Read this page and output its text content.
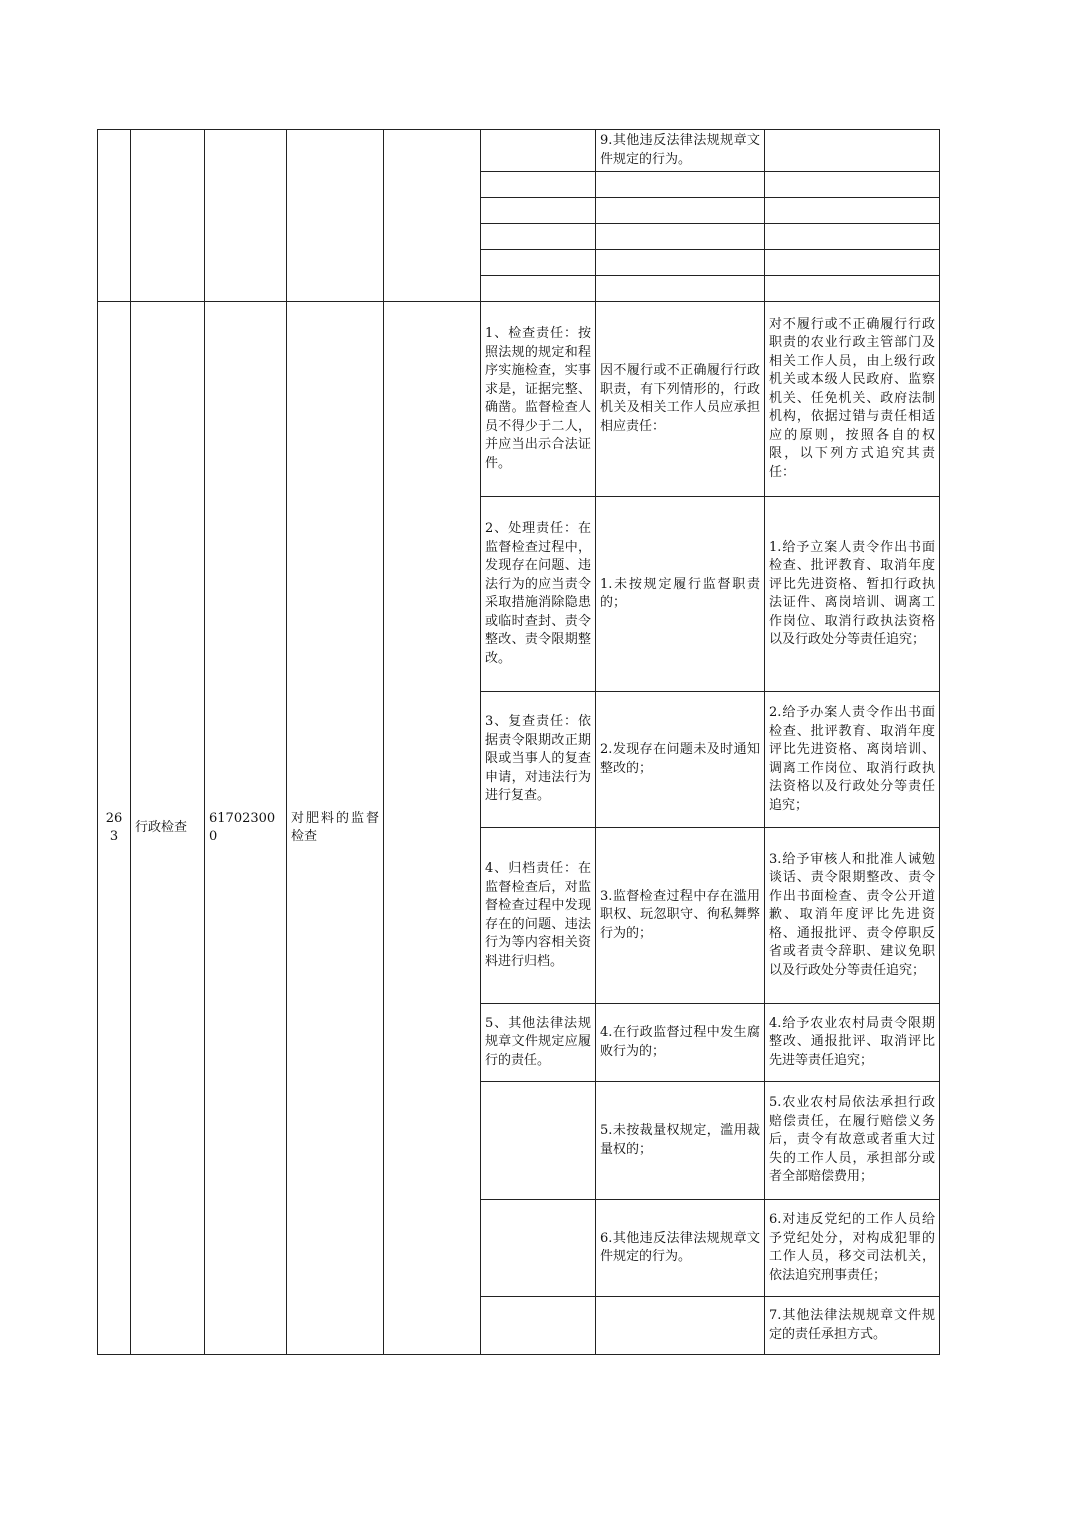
						9.其他违反法律法规规章文件规定的行为。	

263	行政检查	617023000	对肥料的监督检查		1、检查责任：按照法规的规定和程序实施检查，实事求是，证据完整、确凿。监督检查人员不得少于二人，并应当出示合法证件。	因不履行或不正确履行行政职责，有下列情形的，行政机关及相关工作人员应承担相应责任：	对不履行或不正确履行行政职责的农业行政主管部门及相关工作人员，由上级行政机关或本级人民政府、监察机关、任免机关、政府法制机构，依据过错与责任相适应的原则，按照各自的权限，以下列方式追究其责任：
					2、处理责任：在监督检查过程中，发现存在问题、违法行为的应当责令采取措施消除隐患或临时查封、责令整改、责令限期整改。	1.未按规定履行监督职责的；	1.给予立案人责令作出书面检查、批评教育、取消年度评比先进资格、暂扣行政执法证件、离岗培训、调离工作岗位、取消行政执法资格以及行政处分等责任追究；
					3、复查责任：依据责令限期改正期限或当事人的复查申请，对违法行为进行复查。	2.发现存在问题未及时通知整改的；	2.给予办案人责令作出书面检查、批评教育、取消年度评比先进资格、离岗培训、调离工作岗位、取消行政执法资格以及行政处分等责任追究；
					4、归档责任：在监督检查后，对监督检查过程中发现存在的问题、违法行为等内容相关资料进行归档。	3.监督检查过程中存在滥用职权、玩忽职守、徇私舞弊行为的；	3.给予审核人和批准人诫勉谈话、责令限期整改、责令作出书面检查、责令公开道歉、取消年度评比先进资格、通报批评、责令停职反省或者责令辞职、建议免职以及行政处分等责任追究；
					5、其他法律法规规章文件规定应履行的责任。	4.在行政监督过程中发生腐败行为的；	4.给予农业农村局责令限期整改、通报批评、取消评比先进等责任追究；
						5.未按裁量权规定，滥用裁量权的；	5.农业农村局依法承担行政赔偿责任，在履行赔偿义务后，责令有故意或者重大过失的工作人员，承担部分或者全部赔偿费用；
						6.其他违反法律法规规章文件规定的行为。	6.对违反党纪的工作人员给予党纪处分，对构成犯罪的工作人员，移交司法机关，依法追究刑事责任；
							7.其他法律法规规章文件规定的责任承担方式。
